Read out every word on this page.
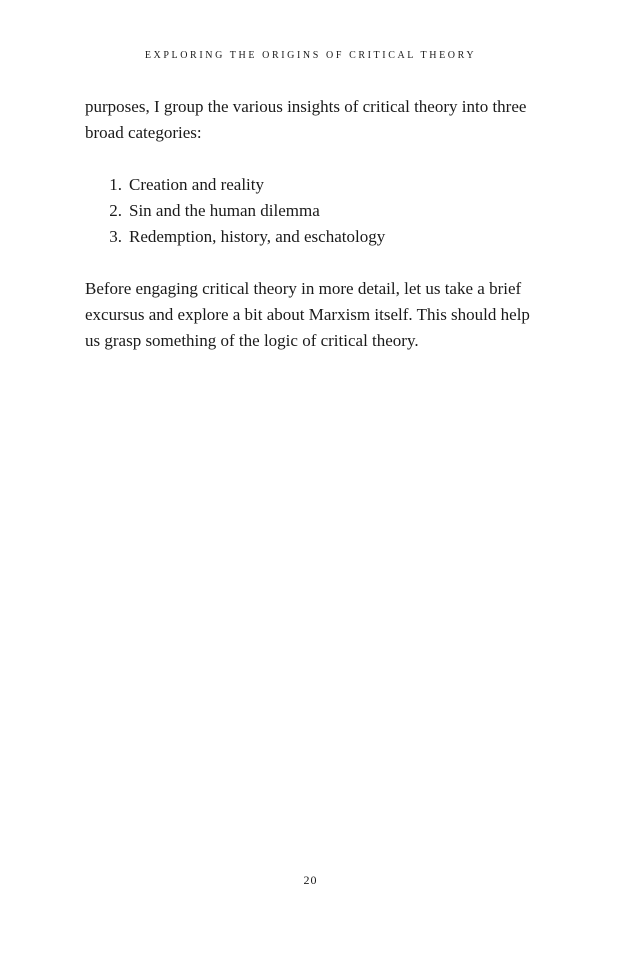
EXPLORING THE ORIGINS OF CRITICAL THEORY

purposes, I group the various insights of critical theory into three broad categories:

1. Creation and reality
2. Sin and the human dilemma
3. Redemption, history, and eschatology

Before engaging critical theory in more detail, let us take a brief excursus and explore a bit about Marxism itself. This should help us grasp something of the logic of critical theory.

20
